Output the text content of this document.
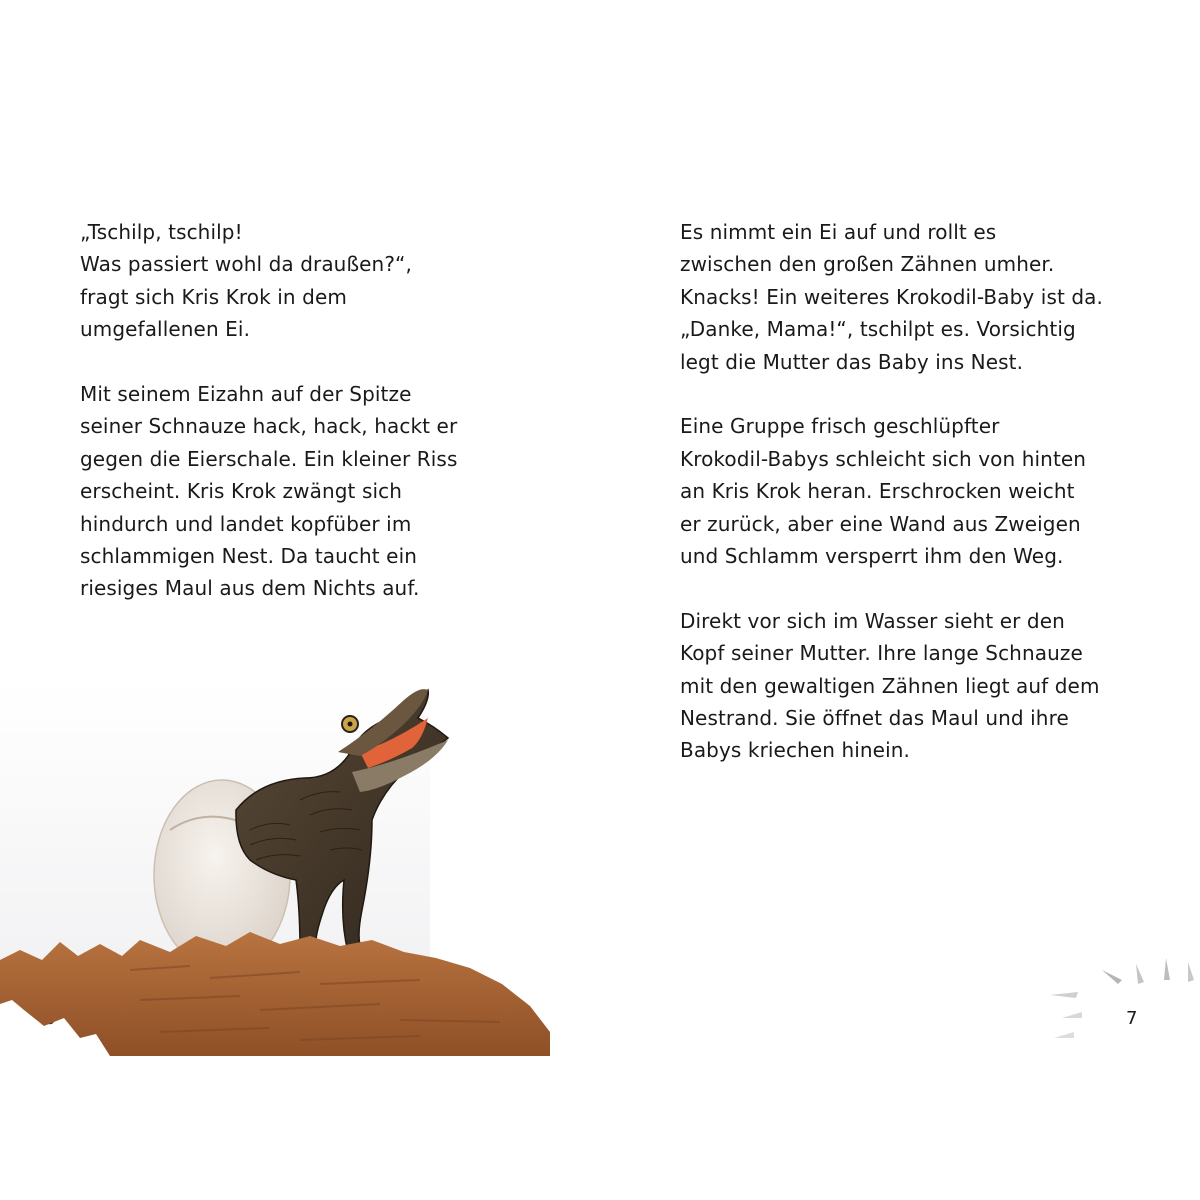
„Tschilp, tschilp!
Was passiert wohl da draußen?“,
fragt sich Kris Krok in dem
umgefallenen Ei.

Mit seinem Eizahn auf der Spitze
seiner Schnauze hack, hack, hackt er
gegen die Eierschale. Ein kleiner Riss
erscheint. Kris Krok zwängt sich
hindurch und landet kopfüber im
schlammigen Nest. Da taucht ein
riesiges Maul aus dem Nichts auf.

Es nimmt ein Ei auf und rollt es
zwischen den großen Zähnen umher.
Knacks! Ein weiteres Krokodil-Baby ist da.
„Danke, Mama!“, tschilpt es. Vorsichtig
legt die Mutter das Baby ins Nest.

Eine Gruppe frisch geschlüpfter
Krokodil-Babys schleicht sich von hinten
an Kris Krok heran. Erschrocken weicht
er zurück, aber eine Wand aus Zweigen
und Schlamm versperrt ihm den Weg.

Direkt vor sich im Wasser sieht er den
Kopf seiner Mutter. Ihre lange Schnauze
mit den gewaltigen Zähnen liegt auf dem
Nestrand. Sie öffnet das Maul und ihre
Babys kriechen hinein.

7
